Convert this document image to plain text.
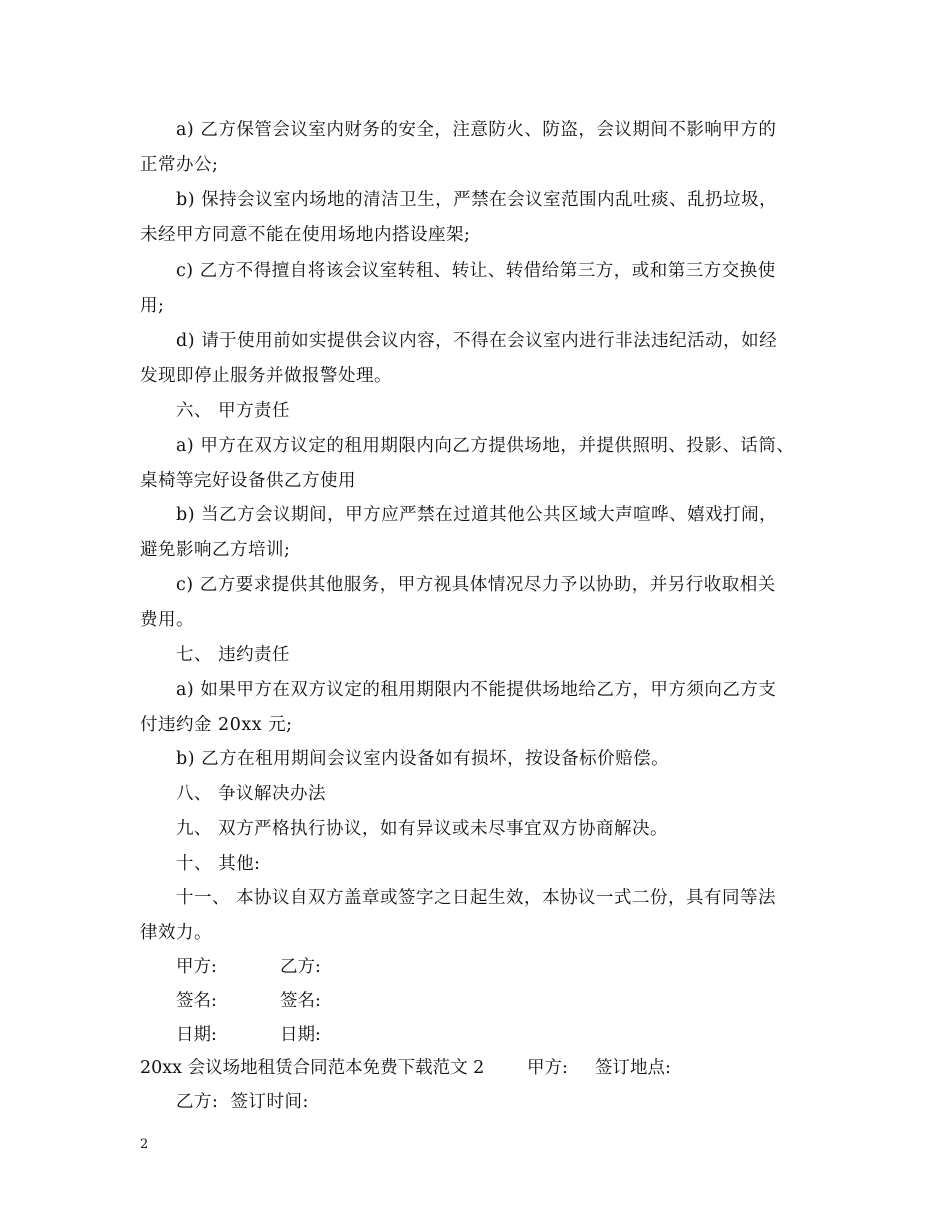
a) 乙方保管会议室内财务的安全，注意防火、防盗，会议期间不影响甲方的
正常办公;
b) 保持会议室内场地的清洁卫生，严禁在会议室范围内乱吐痰、乱扔垃圾，
未经甲方同意不能在使用场地内搭设座架;
c) 乙方不得擅自将该会议室转租、转让、转借给第三方，或和第三方交换使
用;
d) 请于使用前如实提供会议内容，不得在会议室内进行非法违纪活动，如经
发现即停止服务并做报警处理。
六、 甲方责任
a) 甲方在双方议定的租用期限内向乙方提供场地，并提供照明、投影、话筒、
桌椅等完好设备供乙方使用
b) 当乙方会议期间，甲方应严禁在过道其他公共区域大声喧哗、嬉戏打闹，
避免影响乙方培训;
c) 乙方要求提供其他服务，甲方视具体情况尽力予以协助，并另行收取相关
费用。
七、 违约责任
a) 如果甲方在双方议定的租用期限内不能提供场地给乙方，甲方须向乙方支
付违约金 20xx 元;
b) 乙方在租用期间会议室内设备如有损坏，按设备标价赔偿。
八、 争议解决办法
九、 双方严格执行协议，如有异议或未尽事宜双方协商解决。
十、 其他:
十一、 本协议自双方盖章或签字之日起生效，本协议一式二份，具有同等法
律效力。
甲方:	乙方:
签名:	签名:
日期:	日期:
20xx 会议场地租赁合同范本免费下载范文 2 甲方: 签订地点:
乙方:  签订时间:
2
